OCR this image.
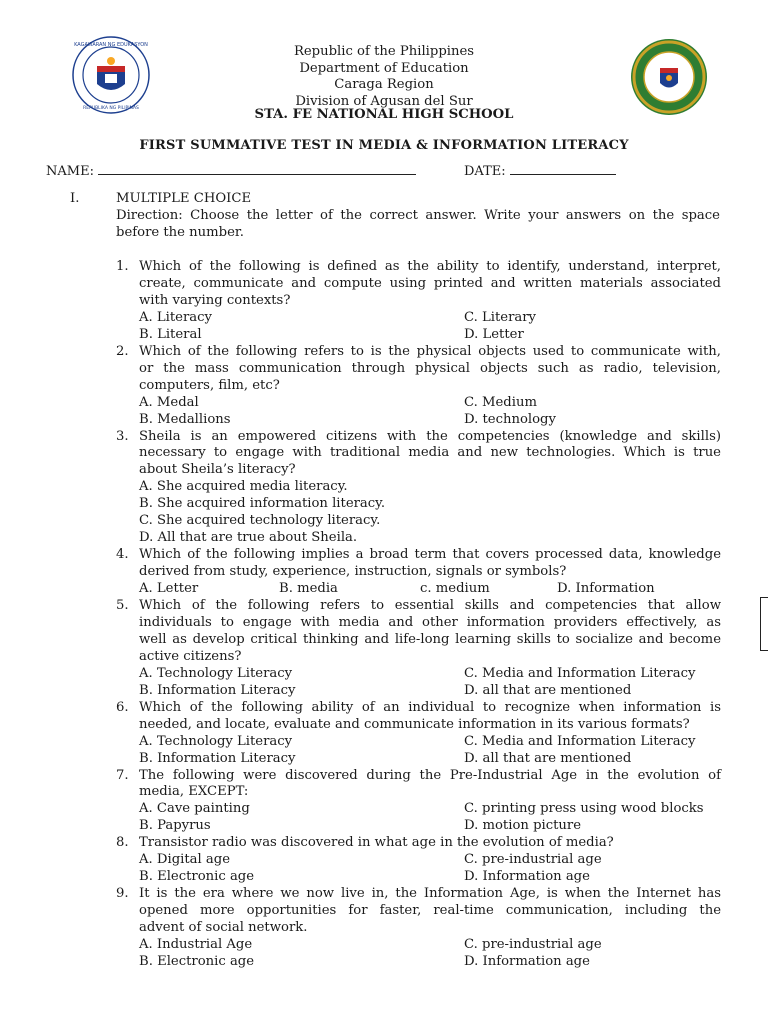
KAGAWARAN NG EDUKASYON
REPUBLIKA NG PILIPINAS
Republic of the Philippines
Department of Education
Caraga Region
Division of Agusan del Sur
STA. FE NATIONAL HIGH SCHOOL
FIRST SUMMATIVE TEST IN MEDIA & INFORMATION LITERACY
NAME:	DATE:
I.	MULTIPLE CHOICE
Direction: Choose the letter of the correct answer. Write your answers on the space
before the number.
1. Which of the following is defined as the ability to identify, understand, interpret,
create, communicate and compute using printed and written materials associated
with varying contexts?
A. Literacy	C. Literary
B. Literal	D. Letter
2. Which of the following refers to is the physical objects used to communicate with,
or the mass communication through physical objects such as radio, television,
computers, film, etc?
A. Medal	C. Medium
B. Medallions	D. technology
3. Sheila is an empowered citizens with the competencies (knowledge and skills)
necessary to engage with traditional media and new technologies. Which is true
about Sheila’s literacy?
A. She acquired media literacy.
B. She acquired information literacy.
C. She acquired technology literacy.
D. All that are true about Sheila.
4. Which of the following implies a broad term that covers processed data, knowledge
derived from study, experience, instruction, signals or symbols?
A. Letter	B. media	c. medium	D. Information
5. Which of the following refers to essential skills and competencies that allow
individuals to engage with media and other information providers effectively, as
well as develop critical thinking and life-long learning skills to socialize and become
active citizens?
A. Technology Literacy	C. Media and Information Literacy
B. Information Literacy	D. all that are mentioned
6. Which of the following ability of an individual to recognize when information is
needed, and locate, evaluate and communicate information in its various formats?
A. Technology Literacy	C. Media and Information Literacy
B. Information Literacy	D. all that are mentioned
7. The following were discovered during the Pre-Industrial Age in the evolution of
media, EXCEPT:
A. Cave painting	C. printing press using wood blocks
B. Papyrus	D. motion picture
8. Transistor radio was discovered in what age in the evolution of media?
A. Digital age	C. pre-industrial age
B. Electronic age	D. Information age
9. It is the era where we now live in, the Information Age, is when the Internet has
opened more opportunities for faster, real-time communication, including the
advent of social network.
A. Industrial Age	C. pre-industrial age
B. Electronic age	D. Information age
